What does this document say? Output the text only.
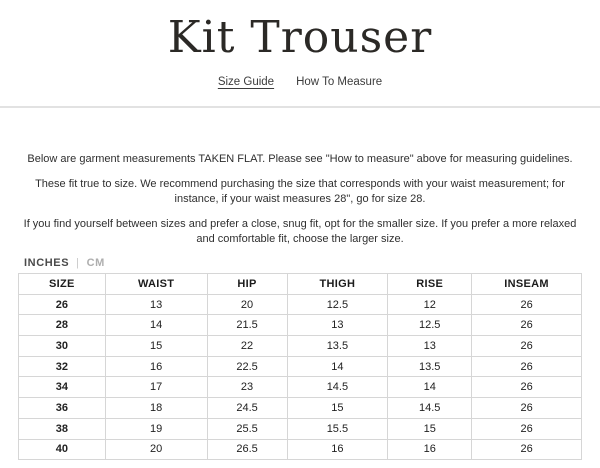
Kit Trouser
Size Guide How To Measure

Below are garment measurements TAKEN FLAT. Please see "How to measure" above for measuring guidelines.

These fit true to size. We recommend purchasing the size that corresponds with your waist measurement; for instance, if your waist measures 28", go for size 28.

If you find yourself between sizes and prefer a close, snug fit, opt for the smaller size. If you prefer a more relaxed and comfortable fit, choose the larger size.

INCHES | CM
SIZE	WAIST	HIP	THIGH	RISE	INSEAM
26	13	20	12.5	12	26
28	14	21.5	13	12.5	26
30	15	22	13.5	13	26
32	16	22.5	14	13.5	26
34	17	23	14.5	14	26
36	18	24.5	15	14.5	26
38	19	25.5	15.5	15	26
40	20	26.5	16	16	26
